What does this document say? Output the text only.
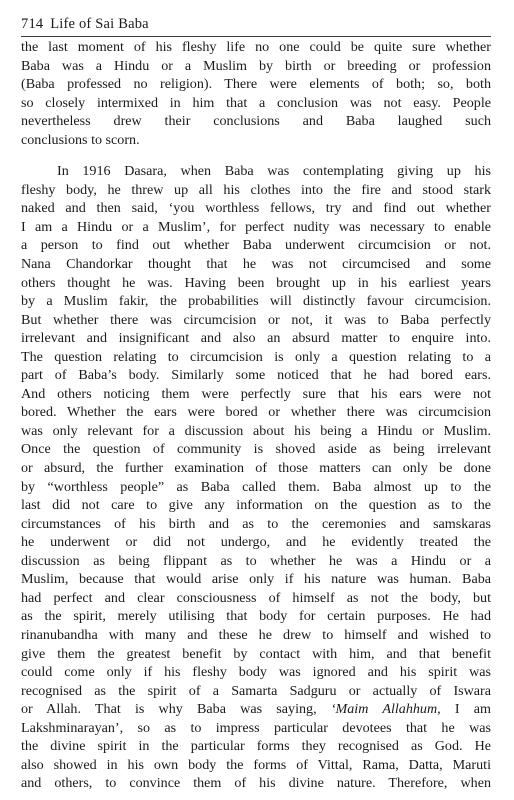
714 Life of Sai Baba

the last moment of his fleshy life no one could be quite sure whether
Baba was a Hindu or a Muslim by birth or breeding or profession
(Baba professed no religion). There were elements of both; so, both
so closely intermixed in him that a conclusion was not easy. People
nevertheless drew their conclusions and Baba laughed such
conclusions to scorn.

In 1916 Dasara, when Baba was contemplating giving up his
fleshy body, he threw up all his clothes into the fire and stood stark
naked and then said, ‘you worthless fellows, try and find out whether
I am a Hindu or a Muslim’, for perfect nudity was necessary to enable
a person to find out whether Baba underwent circumcision or not.
Nana Chandorkar thought that he was not circumcised and some
others thought he was. Having been brought up in his earliest years
by a Muslim fakir, the probabilities will distinctly favour circumcision.
But whether there was circumcision or not, it was to Baba perfectly
irrelevant and insignificant and also an absurd matter to enquire into.
The question relating to circumcision is only a question relating to a
part of Baba’s body. Similarly some noticed that he had bored ears.
And others noticing them were perfectly sure that his ears were not
bored. Whether the ears were bored or whether there was circumcision
was only relevant for a discussion about his being a Hindu or Muslim.
Once the question of community is shoved aside as being irrelevant
or absurd, the further examination of those matters can only be done
by “worthless people” as Baba called them. Baba almost up to the
last did not care to give any information on the question as to the
circumstances of his birth and as to the ceremonies and samskaras
he underwent or did not undergo, and he evidently treated the
discussion as being flippant as to whether he was a Hindu or a
Muslim, because that would arise only if his nature was human. Baba
had perfect and clear consciousness of himself as not the body, but
as the spirit, merely utilising that body for certain purposes. He had
rinanubandha with many and these he drew to himself and wished to
give them the greatest benefit by contact with him, and that benefit
could come only if his fleshy body was ignored and his spirit was
recognised as the spirit of a Samarta Sadguru or actually of Iswara
or Allah. That is why Baba was saying, ‘Maim Allahhum, I am
Lakshminarayan’, so as to impress particular devotees that he was
the divine spirit in the particular forms they recognised as God. He
also showed in his own body the forms of Vittal, Rama, Datta, Maruti
and others, to convince them of his divine nature. Therefore, when
